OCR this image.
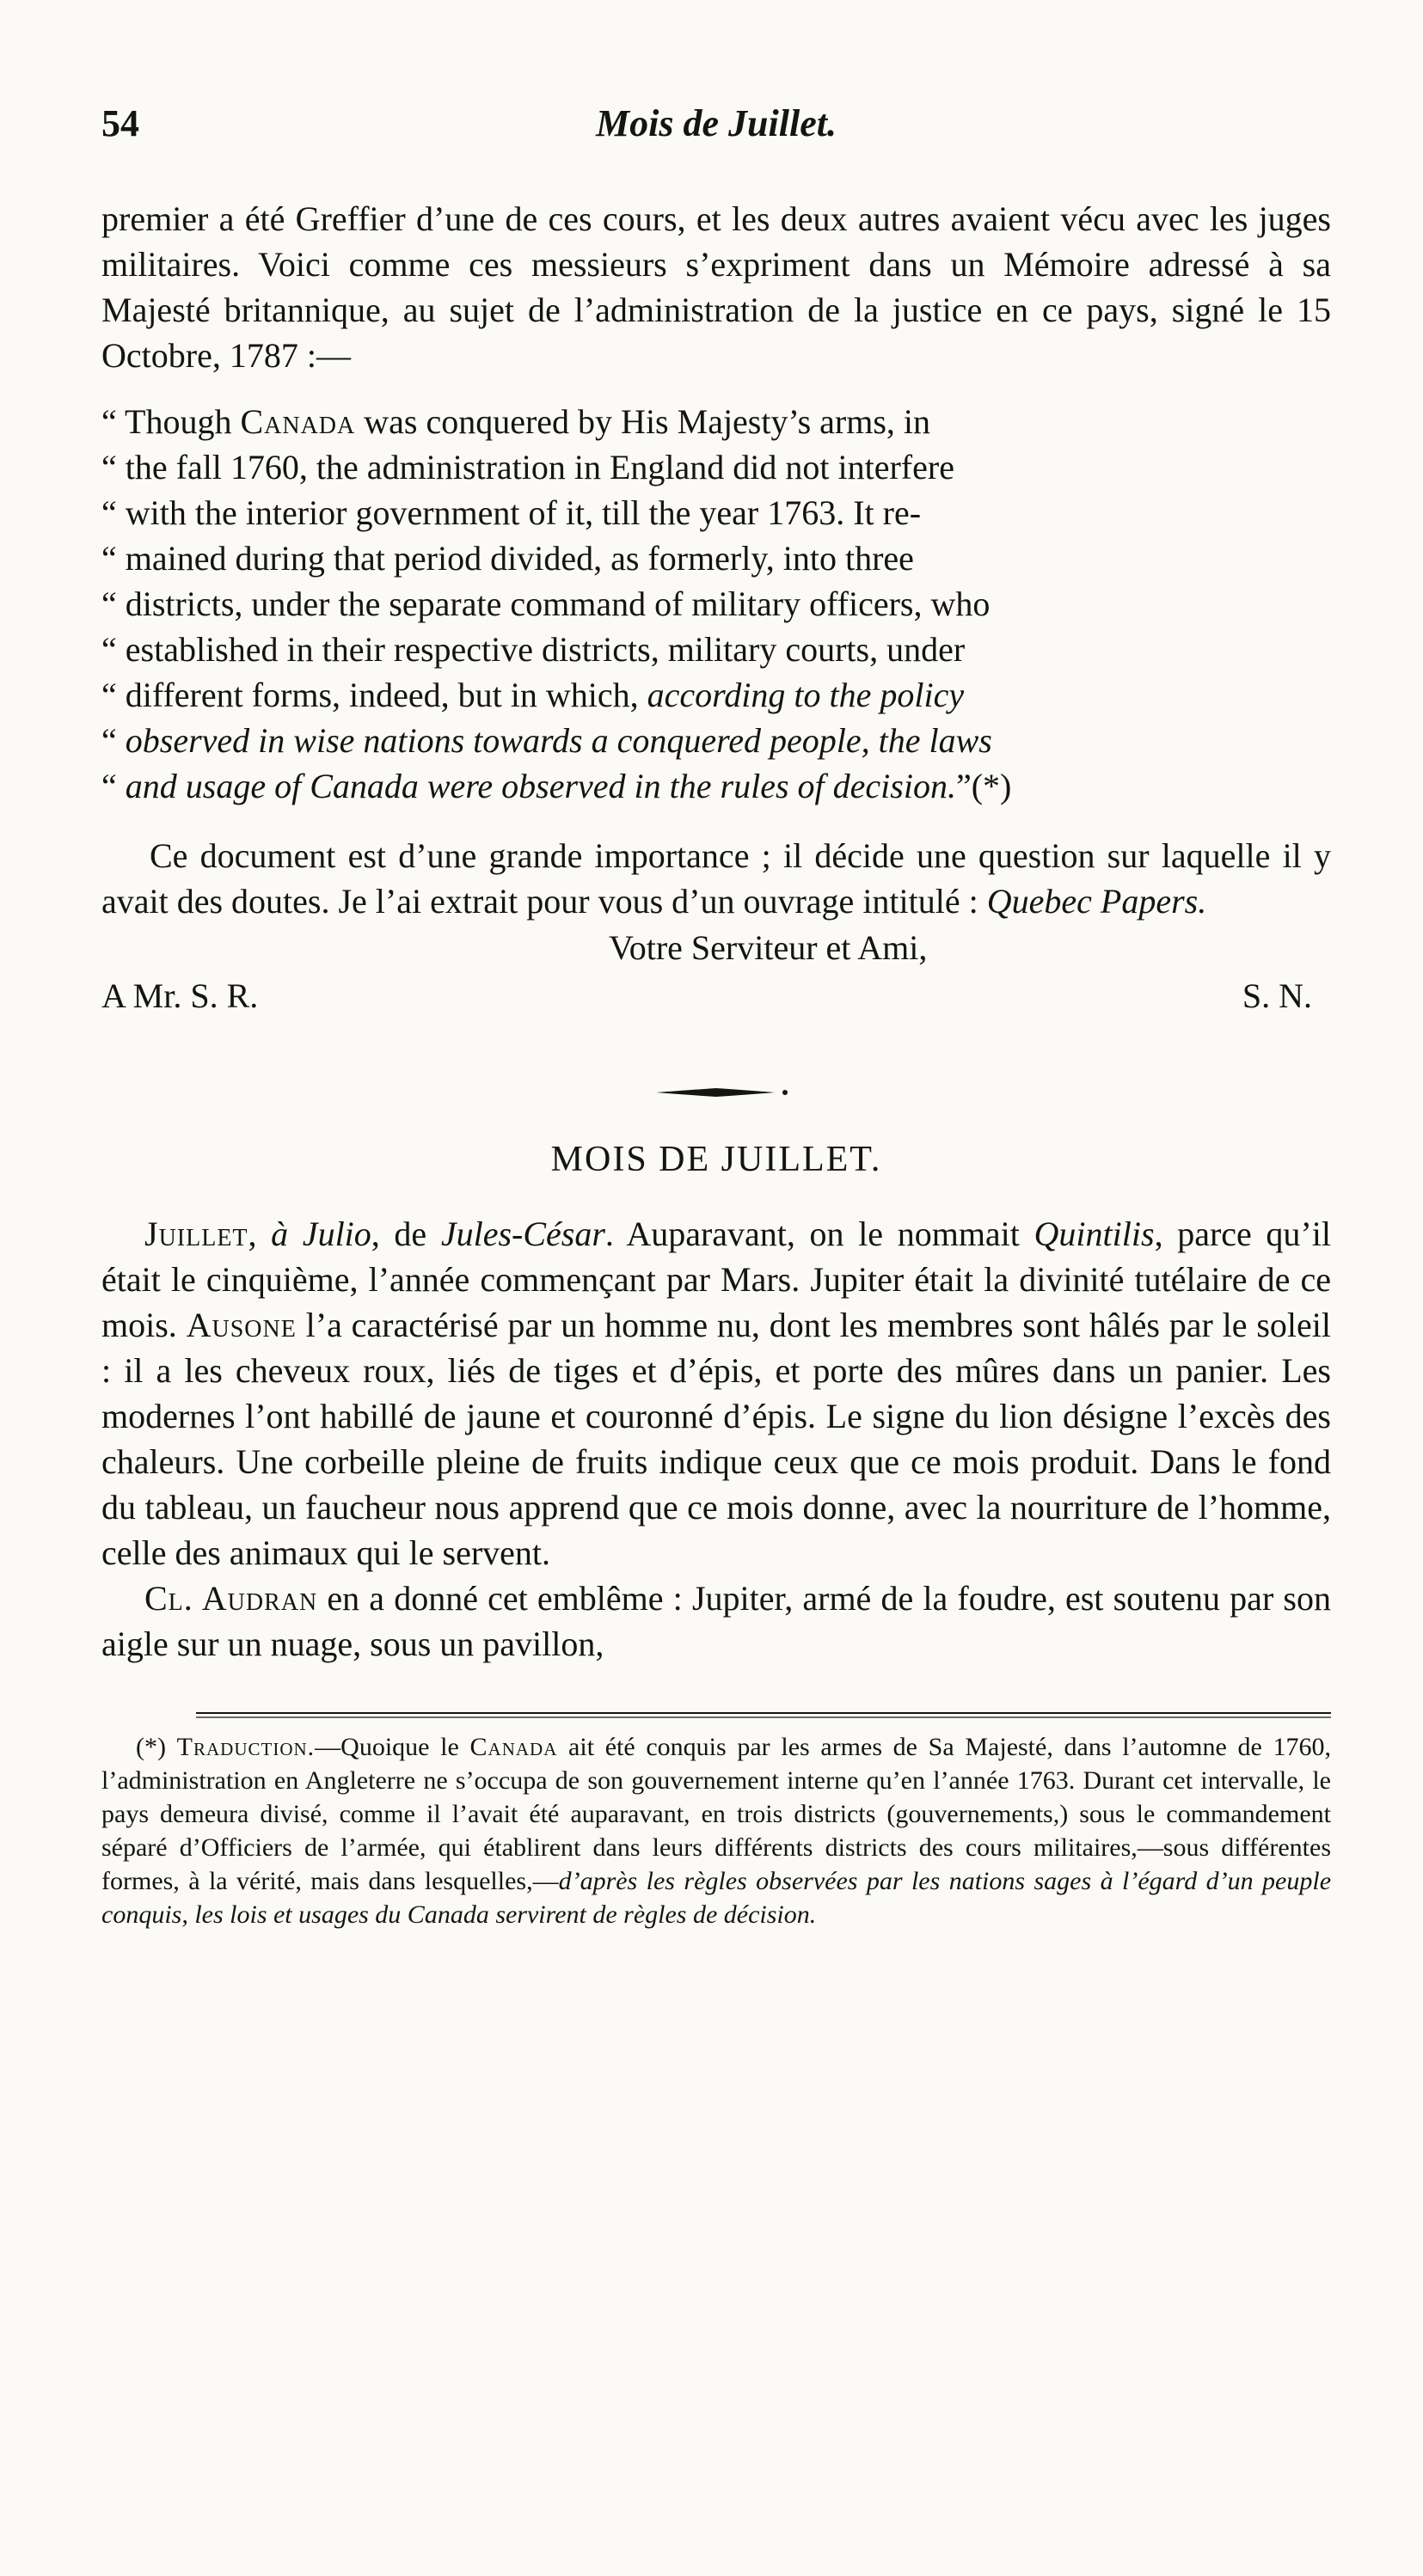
54	Mois de Juillet.

premier a été Greffier d’une de ces cours, et les deux autres avaient vécu avec les juges militaires. Voici comme ces messieurs s’expriment dans un Mémoire adressé à sa Majesté britannique, au sujet de l’administration de la justice en ce pays, signé le 15 Octobre, 1787 :—

“ Though Canada was conquered by His Majesty’s arms, in
“ the fall 1760, the administration in England did not interfere
“ with the interior government of it, till the year 1763. It re-
“ mained during that period divided, as formerly, into three
“ districts, under the separate command of military officers, who
“ established in their respective districts, military courts, under
“ different forms, indeed, but in which, according to the policy
“ observed in wise nations towards a conquered people, the laws
“ and usage of Canada were observed in the rules of decision.”(*)

Ce document est d’une grande importance ; il décide une question sur laquelle il y avait des doutes. Je l’ai extrait pour vous d’un ouvrage intitulé : Quebec Papers.

Votre Serviteur et Ami,
A Mr. S. R.	S. N.
MOIS DE JUILLET.

Juillet, à Julio, de Jules-César. Auparavant, on le nommait Quintilis, parce qu’il était le cinquième, l’année commençant par Mars. Jupiter était la divinité tutélaire de ce mois. Ausone l’a caractérisé par un homme nu, dont les membres sont hâlés par le soleil : il a les cheveux roux, liés de tiges et d’épis, et porte des mûres dans un panier. Les modernes l’ont habillé de jaune et couronné d’épis. Le signe du lion désigne l’excès des chaleurs. Une corbeille pleine de fruits indique ceux que ce mois produit. Dans le fond du tableau, un faucheur nous apprend que ce mois donne, avec la nourriture de l’homme, celle des animaux qui le servent.

Cl. Audran en a donné cet emblême : Jupiter, armé de la foudre, est soutenu par son aigle sur un nuage, sous un pavillon,

(*) Traduction.—Quoique le Canada ait été conquis par les armes de Sa Majesté, dans l’automne de 1760, l’administration en Angleterre ne s’occupa de son gouvernement interne qu’en l’année 1763. Durant cet intervalle, le pays demeura divisé, comme il l’avait été auparavant, en trois districts (gouvernements,) sous le commandement séparé d’Officiers de l’armée, qui établirent dans leurs différents districts des cours militaires,—sous différentes formes, à la vérité, mais dans lesquelles,—d’après les règles observées par les nations sages à l’égard d’un peuple conquis, les lois et usages du Canada servirent de règles de décision.
